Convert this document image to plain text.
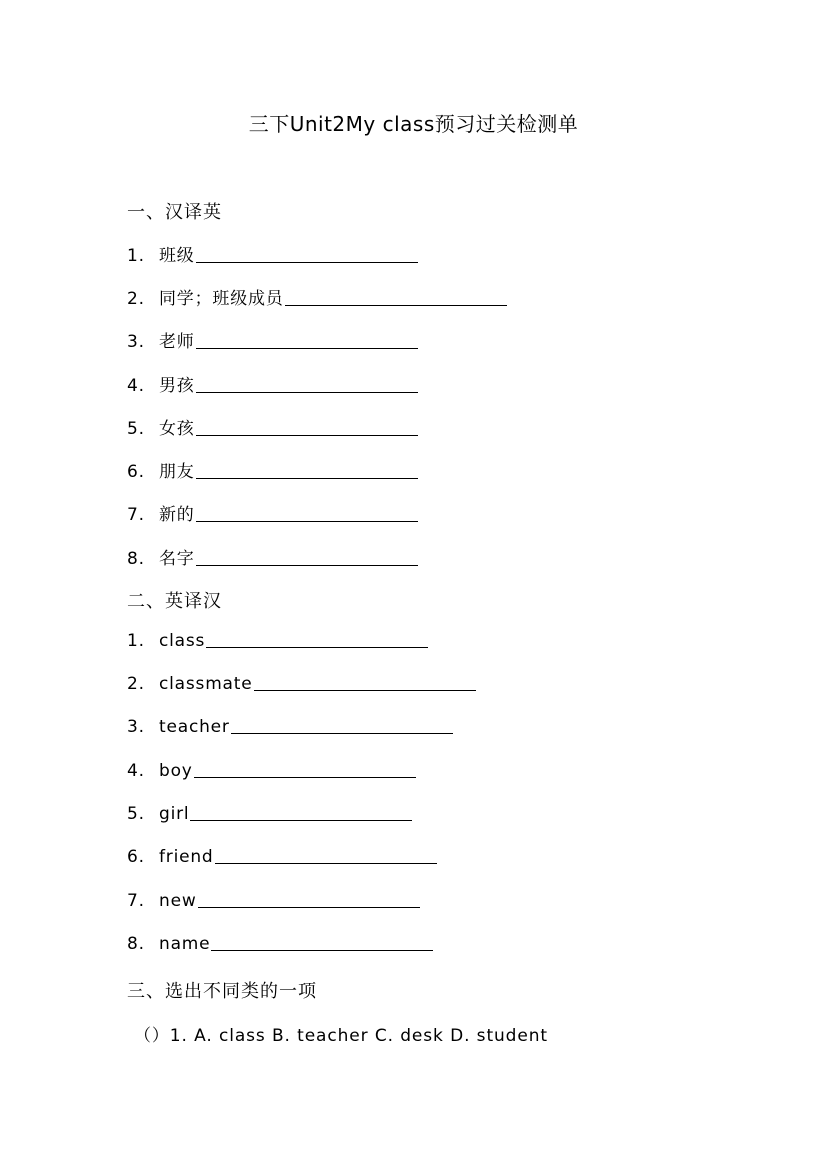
三下Unit2My class预习过关检测单
一、汉译英
1. 班级
2. 同学；班级成员
3. 老师
4. 男孩
5. 女孩
6. 朋友
7. 新的
8. 名字
二、英译汉
1. class
2. classmate
3. teacher
4. boy
5. girl
6. friend
7. new
8. name
三、选出不同类的一项
（）1. A. class B. teacher C. desk D. student
